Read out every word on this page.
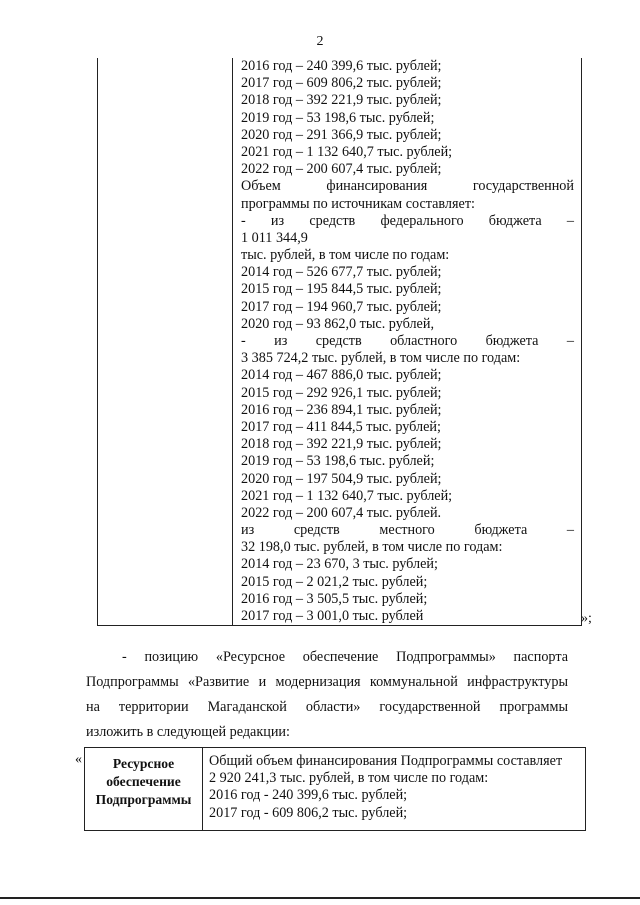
2
2016 год – 240 399,6 тыс. рублей;
2017 год – 609 806,2 тыс. рублей;
2018 год – 392 221,9 тыс. рублей;
2019 год – 53 198,6 тыс. рублей;
2020 год – 291 366,9 тыс. рублей;
2021 год – 1 132 640,7 тыс. рублей;
2022 год – 200 607,4 тыс. рублей;
Объем финансирования государственной
программы по источникам составляет:
- из средств федерального бюджета –
1 011 344,9
тыс. рублей, в том числе по годам:
2014 год – 526 677,7 тыс. рублей;
2015 год – 195 844,5 тыс. рублей;
2017 год – 194 960,7 тыс. рублей;
2020 год – 93 862,0 тыс. рублей,
- из средств областного бюджета –
3 385 724,2 тыс. рублей, в том числе по годам:
2014 год – 467 886,0 тыс. рублей;
2015 год – 292 926,1 тыс. рублей;
2016 год – 236 894,1 тыс. рублей;
2017 год – 411 844,5 тыс. рублей;
2018 год – 392 221,9 тыс. рублей;
2019 год – 53 198,6 тыс. рублей;
2020 год – 197 504,9 тыс. рублей;
2021 год – 1 132 640,7 тыс. рублей;
2022 год – 200 607,4 тыс. рублей.
из средств местного бюджета –
32 198,0 тыс. рублей, в том числе по годам:
2014 год – 23 670, 3 тыс. рублей;
2015 год – 2 021,2 тыс. рублей;
2016 год – 3 505,5 тыс. рублей;
2017 год – 3 001,0 тыс. рублей	»;
- позицию «Ресурсное обеспечение Подпрограммы» паспорта
Подпрограммы «Развитие и модернизация коммунальной инфраструктуры
на территории Магаданской области» государственной программы
изложить в следующей редакции:
«	Ресурсное
обеспечение
Подпрограммы
Общий объем финансирования Подпрограммы составляет
2 920 241,3 тыс. рублей, в том числе по годам:
2016 год - 240 399,6 тыс. рублей;
2017 год - 609 806,2 тыс. рублей;
